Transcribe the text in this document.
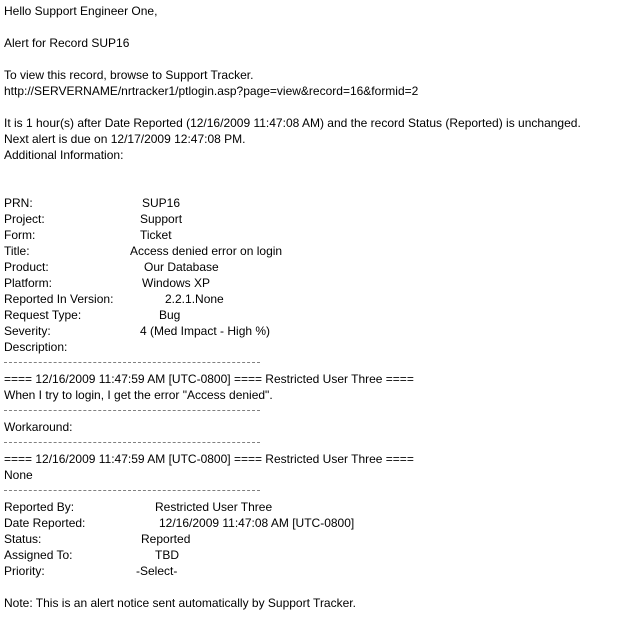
Hello Support Engineer One,
Alert for Record SUP16
To view this record, browse to Support Tracker.
http://SERVERNAME/nrtracker1/ptlogin.asp?page=view&record=16&formid=2
It is 1 hour(s) after Date Reported (12/16/2009 11:47:08 AM) and the record Status (Reported) is unchanged.
Next alert is due on 12/17/2009 12:47:08 PM.
Additional Information:
PRN:	SUP16
Project:	Support
Form:	Ticket
Title:	Access denied error on login
Product:	Our Database
Platform:	Windows XP
Reported In Version:	2.2.1.None
Request Type:	Bug
Severity:	4 (Med Impact - High %)
Description:
==== 12/16/2009 11:47:59 AM [UTC-0800] ==== Restricted User Three ====
When I try to login, I get the error "Access denied".
Workaround:
==== 12/16/2009 11:47:59 AM [UTC-0800] ==== Restricted User Three ====
None
Reported By:	Restricted User Three
Date Reported:	12/16/2009 11:47:08 AM [UTC-0800]
Status:	Reported
Assigned To:	TBD
Priority:	-Select-
Note: This is an alert notice sent automatically by Support Tracker.
